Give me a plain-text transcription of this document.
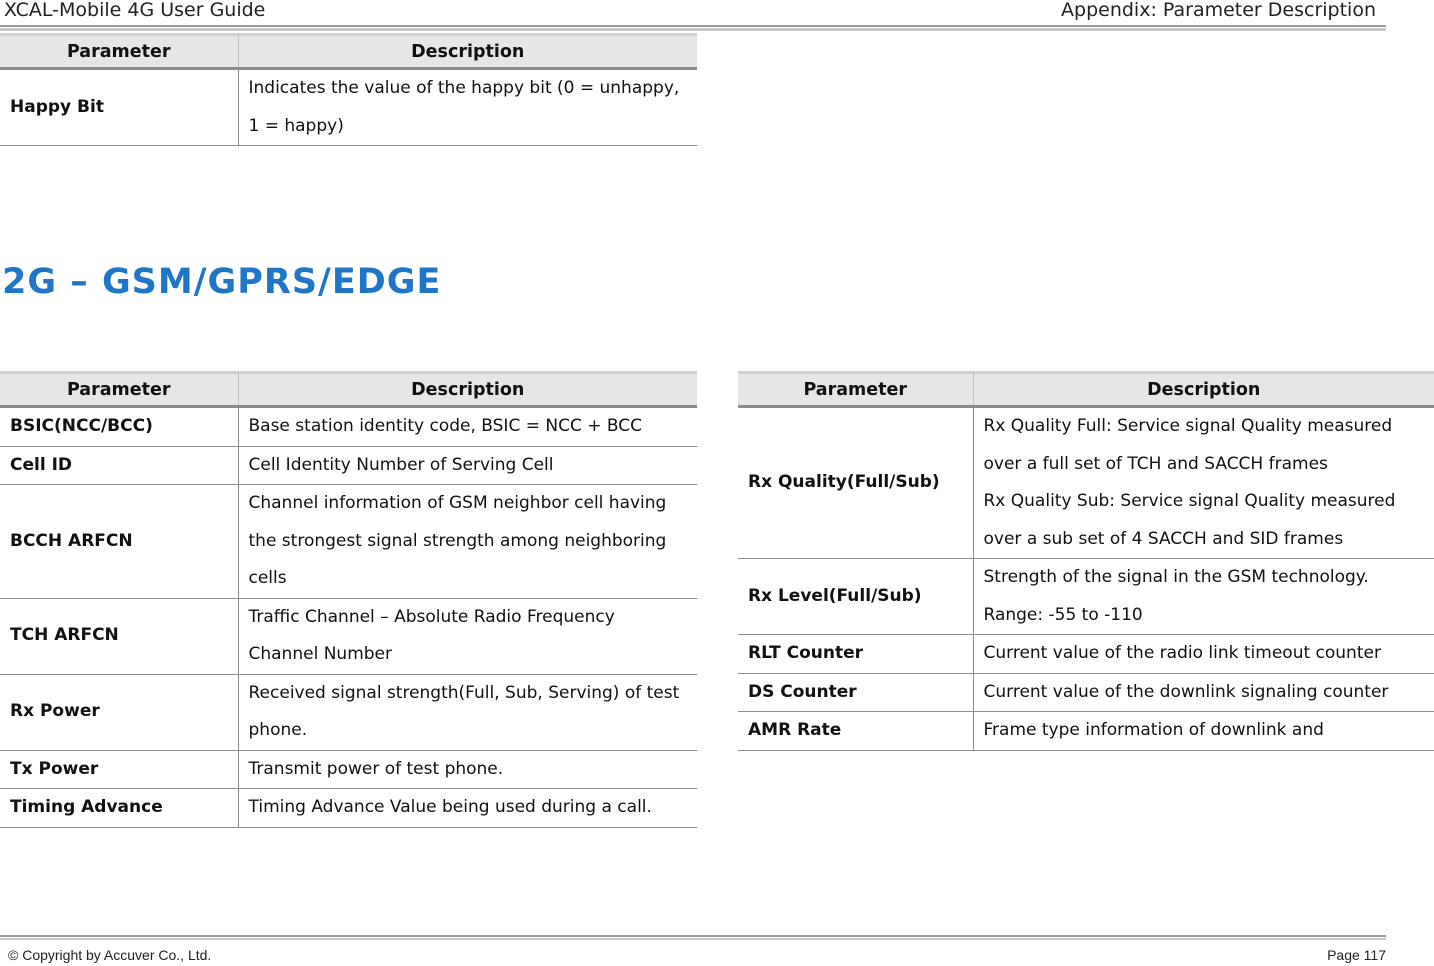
XCAL-Mobile 4G User Guide	Appendix: Parameter Description
Parameter	Description
Happy Bit	Indicates the value of the happy bit (0 = unhappy, 1 = happy)
2G – GSM/GPRS/EDGE
Parameter	Description
BSIC(NCC/BCC)	Base station identity code, BSIC = NCC + BCC
Cell ID	Cell Identity Number of Serving Cell
BCCH ARFCN	Channel information of GSM neighbor cell having the strongest signal strength among neighboring cells
TCH ARFCN	Traffic Channel – Absolute Radio Frequency Channel Number
Rx Power	Received signal strength(Full, Sub, Serving) of test phone.
Tx Power	Transmit power of test phone.
Timing Advance	Timing Advance Value being used during a call.
Parameter	Description
Rx Quality(Full/Sub)	Rx Quality Full: Service signal Quality measured over a full set of TCH and SACCH frames
Rx Quality Sub: Service signal Quality measured over a sub set of 4 SACCH and SID frames

Rx Level(Full/Sub)	Strength of the signal in the GSM technology.
Range: -55 to -110

RLT Counter	Current value of the radio link timeout counter
DS Counter	Current value of the downlink signaling counter
AMR Rate	Frame type information of downlink and
© Copyright by Accuver Co., Ltd.	Page 117
